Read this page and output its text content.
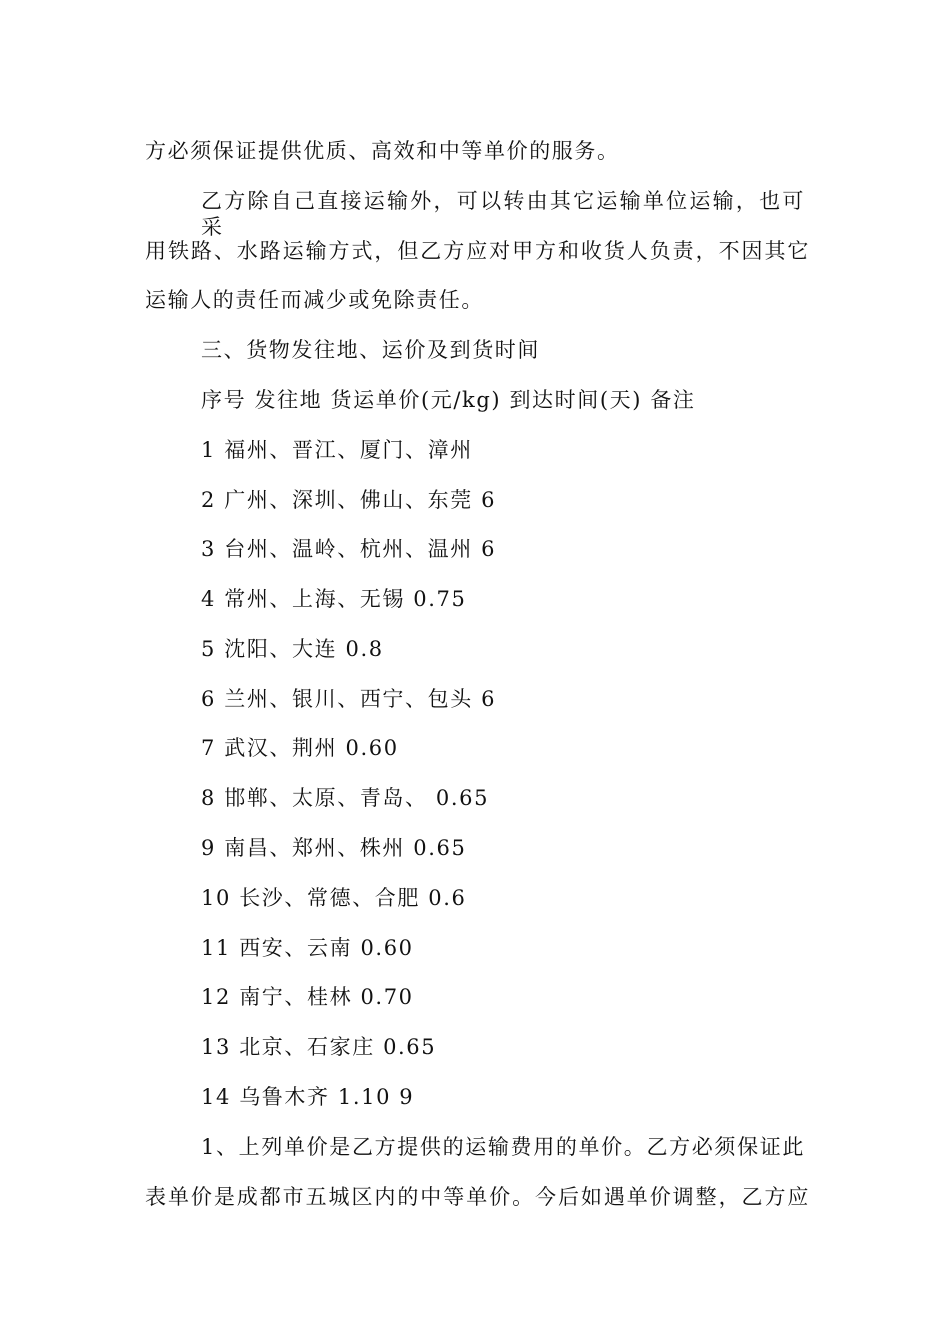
方必须保证提供优质、高效和中等单价的服务。
乙方除自己直接运输外，可以转由其它运输单位运输，也可采
用铁路、水路运输方式，但乙方应对甲方和收货人负责，不因其它
运输人的责任而减少或免除责任。
三、货物发往地、运价及到货时间
序号 发往地 货运单价(元/kg) 到达时间(天) 备注
1 福州、晋江、厦门、漳州
2 广州、深圳、佛山、东莞 6
3 台州、温岭、杭州、温州 6
4 常州、上海、无锡 0.75
5 沈阳、大连 0.8
6 兰州、银川、西宁、包头 6
7 武汉、荆州 0.60
8 邯郸、太原、青岛、 0.65
9 南昌、郑州、株州 0.65
10 长沙、常德、合肥 0.6
11 西安、云南 0.60
12 南宁、桂林 0.70
13 北京、石家庄 0.65
14 乌鲁木齐 1.10 9
1、上列单价是乙方提供的运输费用的单价。乙方必须保证此
表单价是成都市五城区内的中等单价。今后如遇单价调整，乙方应
